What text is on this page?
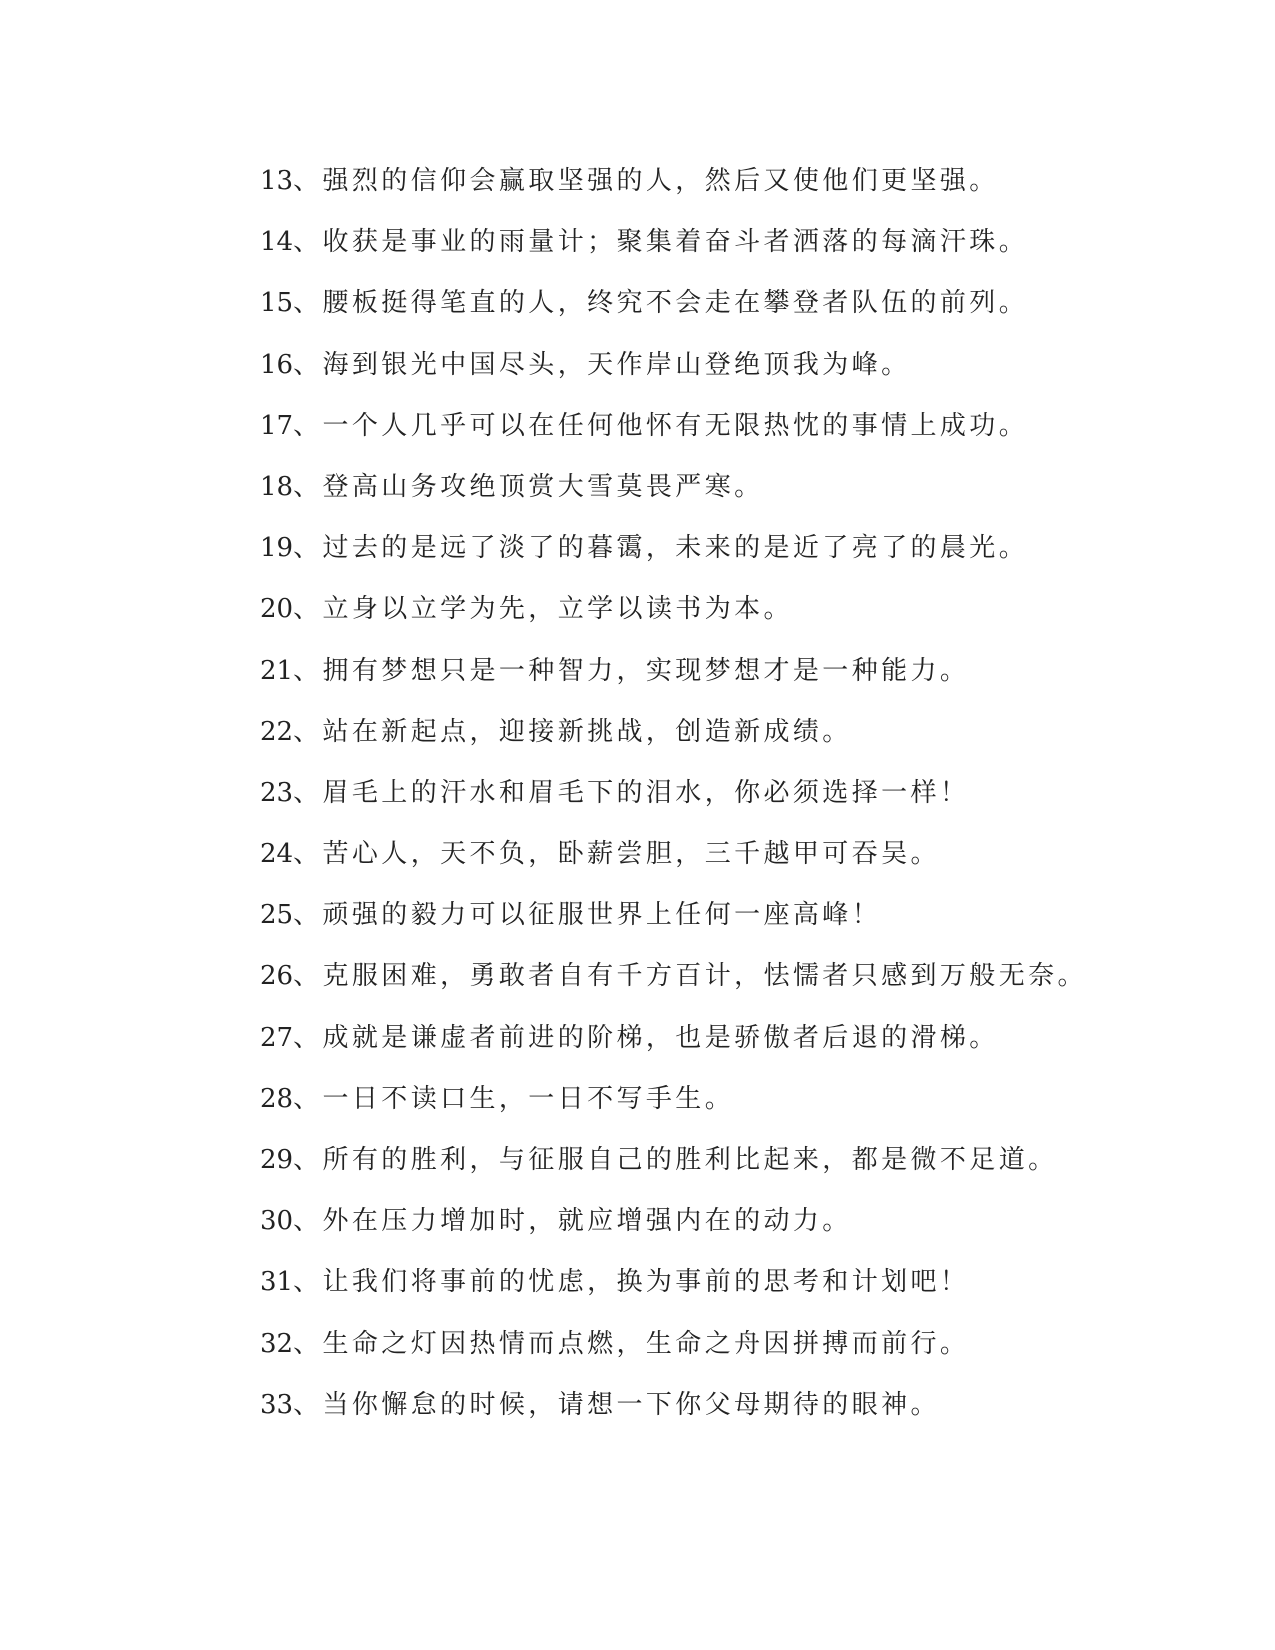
13、强烈的信仰会赢取坚强的人，然后又使他们更坚强。
14、收获是事业的雨量计；聚集着奋斗者洒落的每滴汗珠。
15、腰板挺得笔直的人，终究不会走在攀登者队伍的前列。
16、海到银光中国尽头，天作岸山登绝顶我为峰。
17、一个人几乎可以在任何他怀有无限热忱的事情上成功。
18、登高山务攻绝顶赏大雪莫畏严寒。
19、过去的是远了淡了的暮霭，未来的是近了亮了的晨光。
20、立身以立学为先，立学以读书为本。
21、拥有梦想只是一种智力，实现梦想才是一种能力。
22、站在新起点，迎接新挑战，创造新成绩。
23、眉毛上的汗水和眉毛下的泪水，你必须选择一样！
24、苦心人，天不负，卧薪尝胆，三千越甲可吞吴。
25、顽强的毅力可以征服世界上任何一座高峰！
26、克服困难，勇敢者自有千方百计，怯懦者只感到万般无奈。
27、成就是谦虚者前进的阶梯，也是骄傲者后退的滑梯。
28、一日不读口生，一日不写手生。
29、所有的胜利，与征服自己的胜利比起来，都是微不足道。
30、外在压力增加时，就应增强内在的动力。
31、让我们将事前的忧虑，换为事前的思考和计划吧！
32、生命之灯因热情而点燃，生命之舟因拼搏而前行。
33、当你懈怠的时候，请想一下你父母期待的眼神。
